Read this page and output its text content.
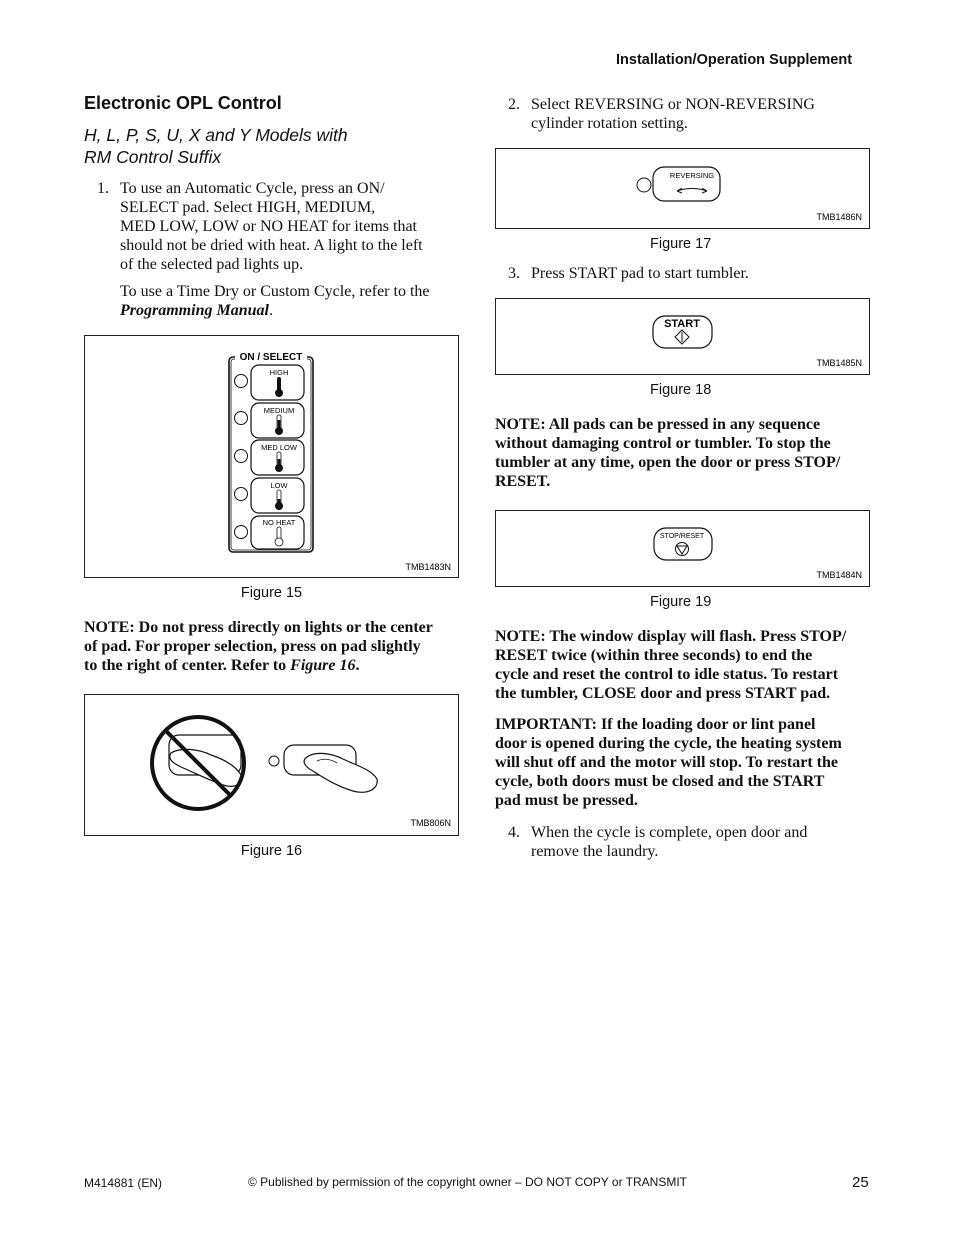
Installation/Operation Supplement
Electronic OPL Control
H, L, P, S, U, X and Y Models with
RM Control Suffix
1. To use an Automatic Cycle, press an ON/
SELECT pad. Select HIGH, MEDIUM,
MED LOW, LOW or NO HEAT for items that
should not be dried with heat. A light to the left
of the selected pad lights up.
To use a Time Dry or Custom Cycle, refer to the
Programming Manual.
ON / SELECT
HIGH
MEDIUM
MED LOW
LOW
NO HEAT
TMB1483N
Figure 15
NOTE: Do not press directly on lights or the center
of pad. For proper selection, press on pad slightly
to the right of center. Refer to Figure 16.
TMB806N
Figure 16
2. Select REVERSING or NON-REVERSING
cylinder rotation setting.
REVERSING
TMB1486N
Figure 17
3. Press START pad to start tumbler.
START
TMB1485N
Figure 18
NOTE: All pads can be pressed in any sequence
without damaging control or tumbler. To stop the
tumbler at any time, open the door or press STOP/
RESET.
STOP/RESET
TMB1484N
Figure 19
NOTE: The window display will flash. Press STOP/
RESET twice (within three seconds) to end the
cycle and reset the control to idle status. To restart
the tumbler, CLOSE door and press START pad.
IMPORTANT: If the loading door or lint panel
door is opened during the cycle, the heating system
will shut off and the motor will stop. To restart the
cycle, both doors must be closed and the START
pad must be pressed.
4. When the cycle is complete, open door and
remove the laundry.
M414881 (EN)	© Published by permission of the copyright owner – DO NOT COPY or TRANSMIT	25
